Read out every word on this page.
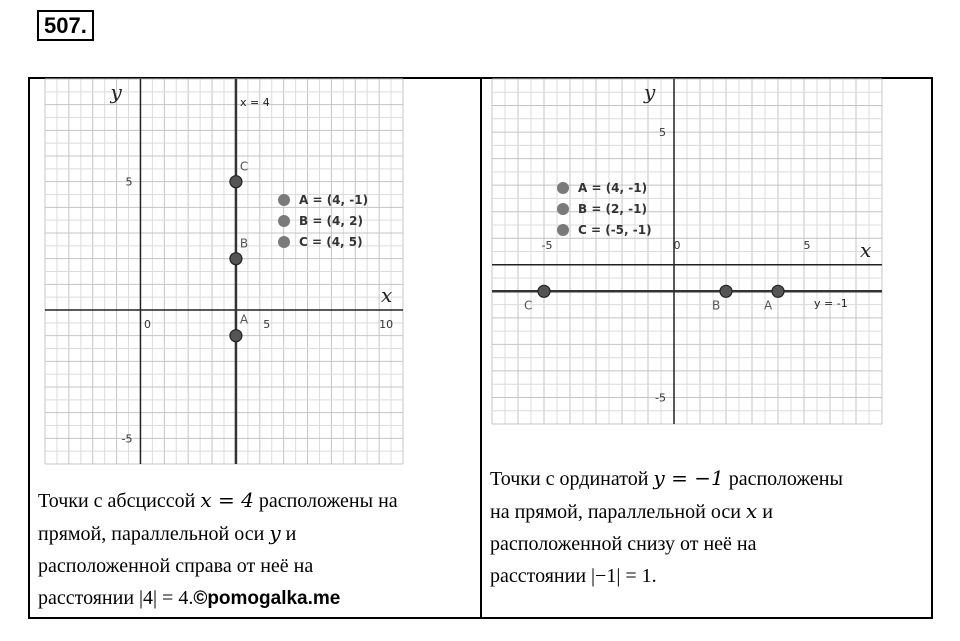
507.
x
y
0	5	10
5
-5
x = 4
A
B
C
A = (4, -1)
B = (4, 2)
C = (4, 5)	x
y
-5	0	5
5
-5
y = -1
A
B
C
A = (4, -1)
B = (2, -1)
C = (-5, -1)
Точки с абсциссой x = 4 расположены на
прямой, параллельной оси y и
расположенной справа от неё на
расстоянии |4| = 4.©pomogalka.me
Точки с ординатой y = −1 расположены
на прямой, параллельной оси x и
расположенной снизу от неё на
расстоянии |−1| = 1.
